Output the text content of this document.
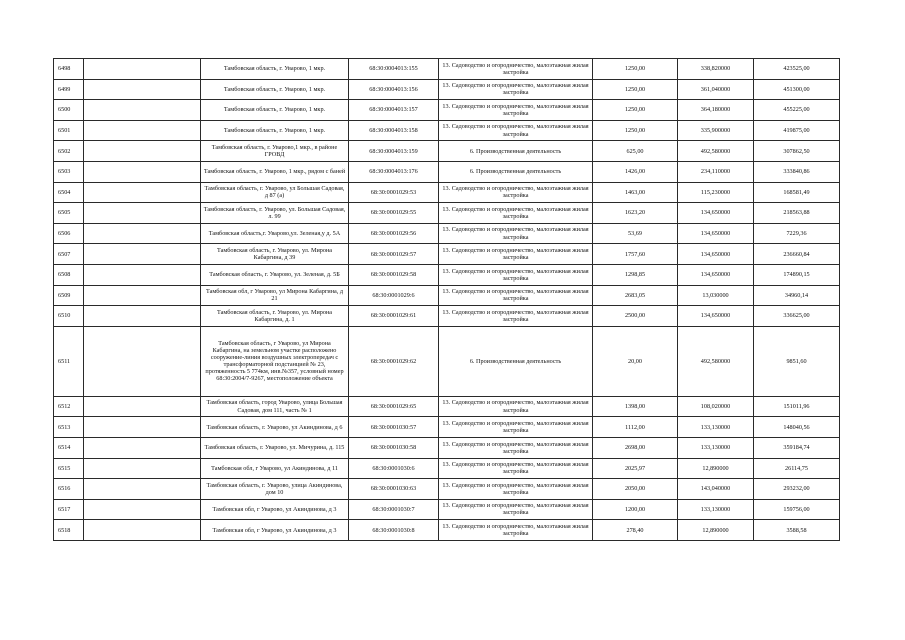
6498		Тамбовская область, г. Уварово, 1 мкр.	68:30:0004013:155	13. Садоводство и огородничество, малоэтажная жилая застройка	1250,00	338,820000	423525,00
6499		Тамбовская область, г. Уварово, 1 мкр.	68:30:0004013:156	13. Садоводство и огородничество, малоэтажная жилая застройка	1250,00	361,040000	451300,00
6500		Тамбовская область, г. Уварово, 1 мкр.	68:30:0004013:157	13. Садоводство и огородничество, малоэтажная жилая застройка	1250,00	364,180000	455225,00
6501		Тамбовская область, г. Уварово, 1 мкр.	68:30:0004013:158	13. Садоводство и огородничество, малоэтажная жилая застройка	1250,00	335,900000	419875,00
6502		Тамбовская область, г. Уварово,1 мкр., в районе ГРОВД	68:30:0004013:159	6. Производственная деятельность	625,00	492,580000	307862,50
6503		Тамбовская область, г. Уварово, 1 мкр., рядом с баней	68:30:0004013:176	6. Производственная деятельность	1426,00	234,110000	333840,86
6504		Тамбовская область, г. Уварово, ул Большая Садовая, д 87 (а)	68:30:0001029:53	13. Садоводство и огородничество, малоэтажная жилая застройка	1463,00	115,230000	168581,49
6505		Тамбовская область, г. Уварово, ул. Большая Садовая, л. 99	68:30:0001029:55	13. Садоводство и огородничество, малоэтажная жилая застройка	1623,20	134,650000	218563,88
6506		Тамбовская область,г. Уварово,ул. Зеленая,у д. 5А	68:30:0001029:56	13. Садоводство и огородничество, малоэтажная жилая застройка	53,69	134,650000	7229,36
6507		Тамбовская область, г. Уварово, ул. Мирона Кабаргина, д 39	68:30:0001029:57	13. Садоводство и огородничество, малоэтажная жилая застройка	1757,60	134,650000	236660,84
6508		Тамбовская область, г. Уварово, ул. Зеленая, д. 5Б	68:30:0001029:58	13. Садоводство и огородничество, малоэтажная жилая застройка	1298,85	134,650000	174890,15
6509		Тамбовская обл, г Уварово, ул Мирона Кабаргина, д 21	68:30:0001029:6	13. Садоводство и огородничество, малоэтажная жилая застройка	2683,05	13,030000	34960,14
6510		Тамбовская область, г. Уварово, ул. Мирона Кабаргина, д. 1	68:30:0001029:61	13. Садоводство и огородничество, малоэтажная жилая застройка	2500,00	134,650000	336625,00
6511		Тамбовская область, г Уварово, ул Мирона Кабаргина, на земельном участке расположено сооружение-линия воздушных электропередач с трансформаторной подстанцией № 23, протяженность 5 774км, инв.№357, условный номер 68:30:2004/7-9267, местоположение объекта	68:30:0001029:62	6. Производственная деятельность	20,00	492,580000	9851,60
6512		Тамбовская область, город Уварово, улица Большая Садовая, дом 111, часть № 1	68:30:0001029:65	13. Садоводство и огородничество, малоэтажная жилая застройка	1398,00	108,020000	151011,96
6513		Тамбовская область, г. Уварово, ул Акиндинова, д 6	68:30:0001030:57	13. Садоводство и огородничество, малоэтажная жилая застройка	1112,00	133,130000	148040,56
6514		Тамбовская область, г. Уварово, ул. Мичурина, д. 115	68:30:0001030:58	13. Садоводство и огородничество, малоэтажная жилая застройка	2698,00	133,130000	359184,74
6515		Тамбовская обл, г Уварово, ул Акиндинова, д 11	68:30:0001030:6	13. Садоводство и огородничество, малоэтажная жилая застройка	2025,97	12,890000	26114,75
6516		Тамбовская область, г. Уварово, улица Акиндинова, дом 10	68:30:0001030:63	13. Садоводство и огородничество, малоэтажная жилая застройка	2050,00	143,040000	293232,00
6517		Тамбовская обл, г Уварово, ул Акиндинова, д 3	68:30:0001030:7	13. Садоводство и огородничество, малоэтажная жилая застройка	1200,00	133,130000	159756,00
6518		Тамбовская обл, г Уварово, ул Акиндинова, д 3	68:30:0001030:8	13. Садоводство и огородничество, малоэтажная жилая застройка	278,40	12,890000	3588,58
